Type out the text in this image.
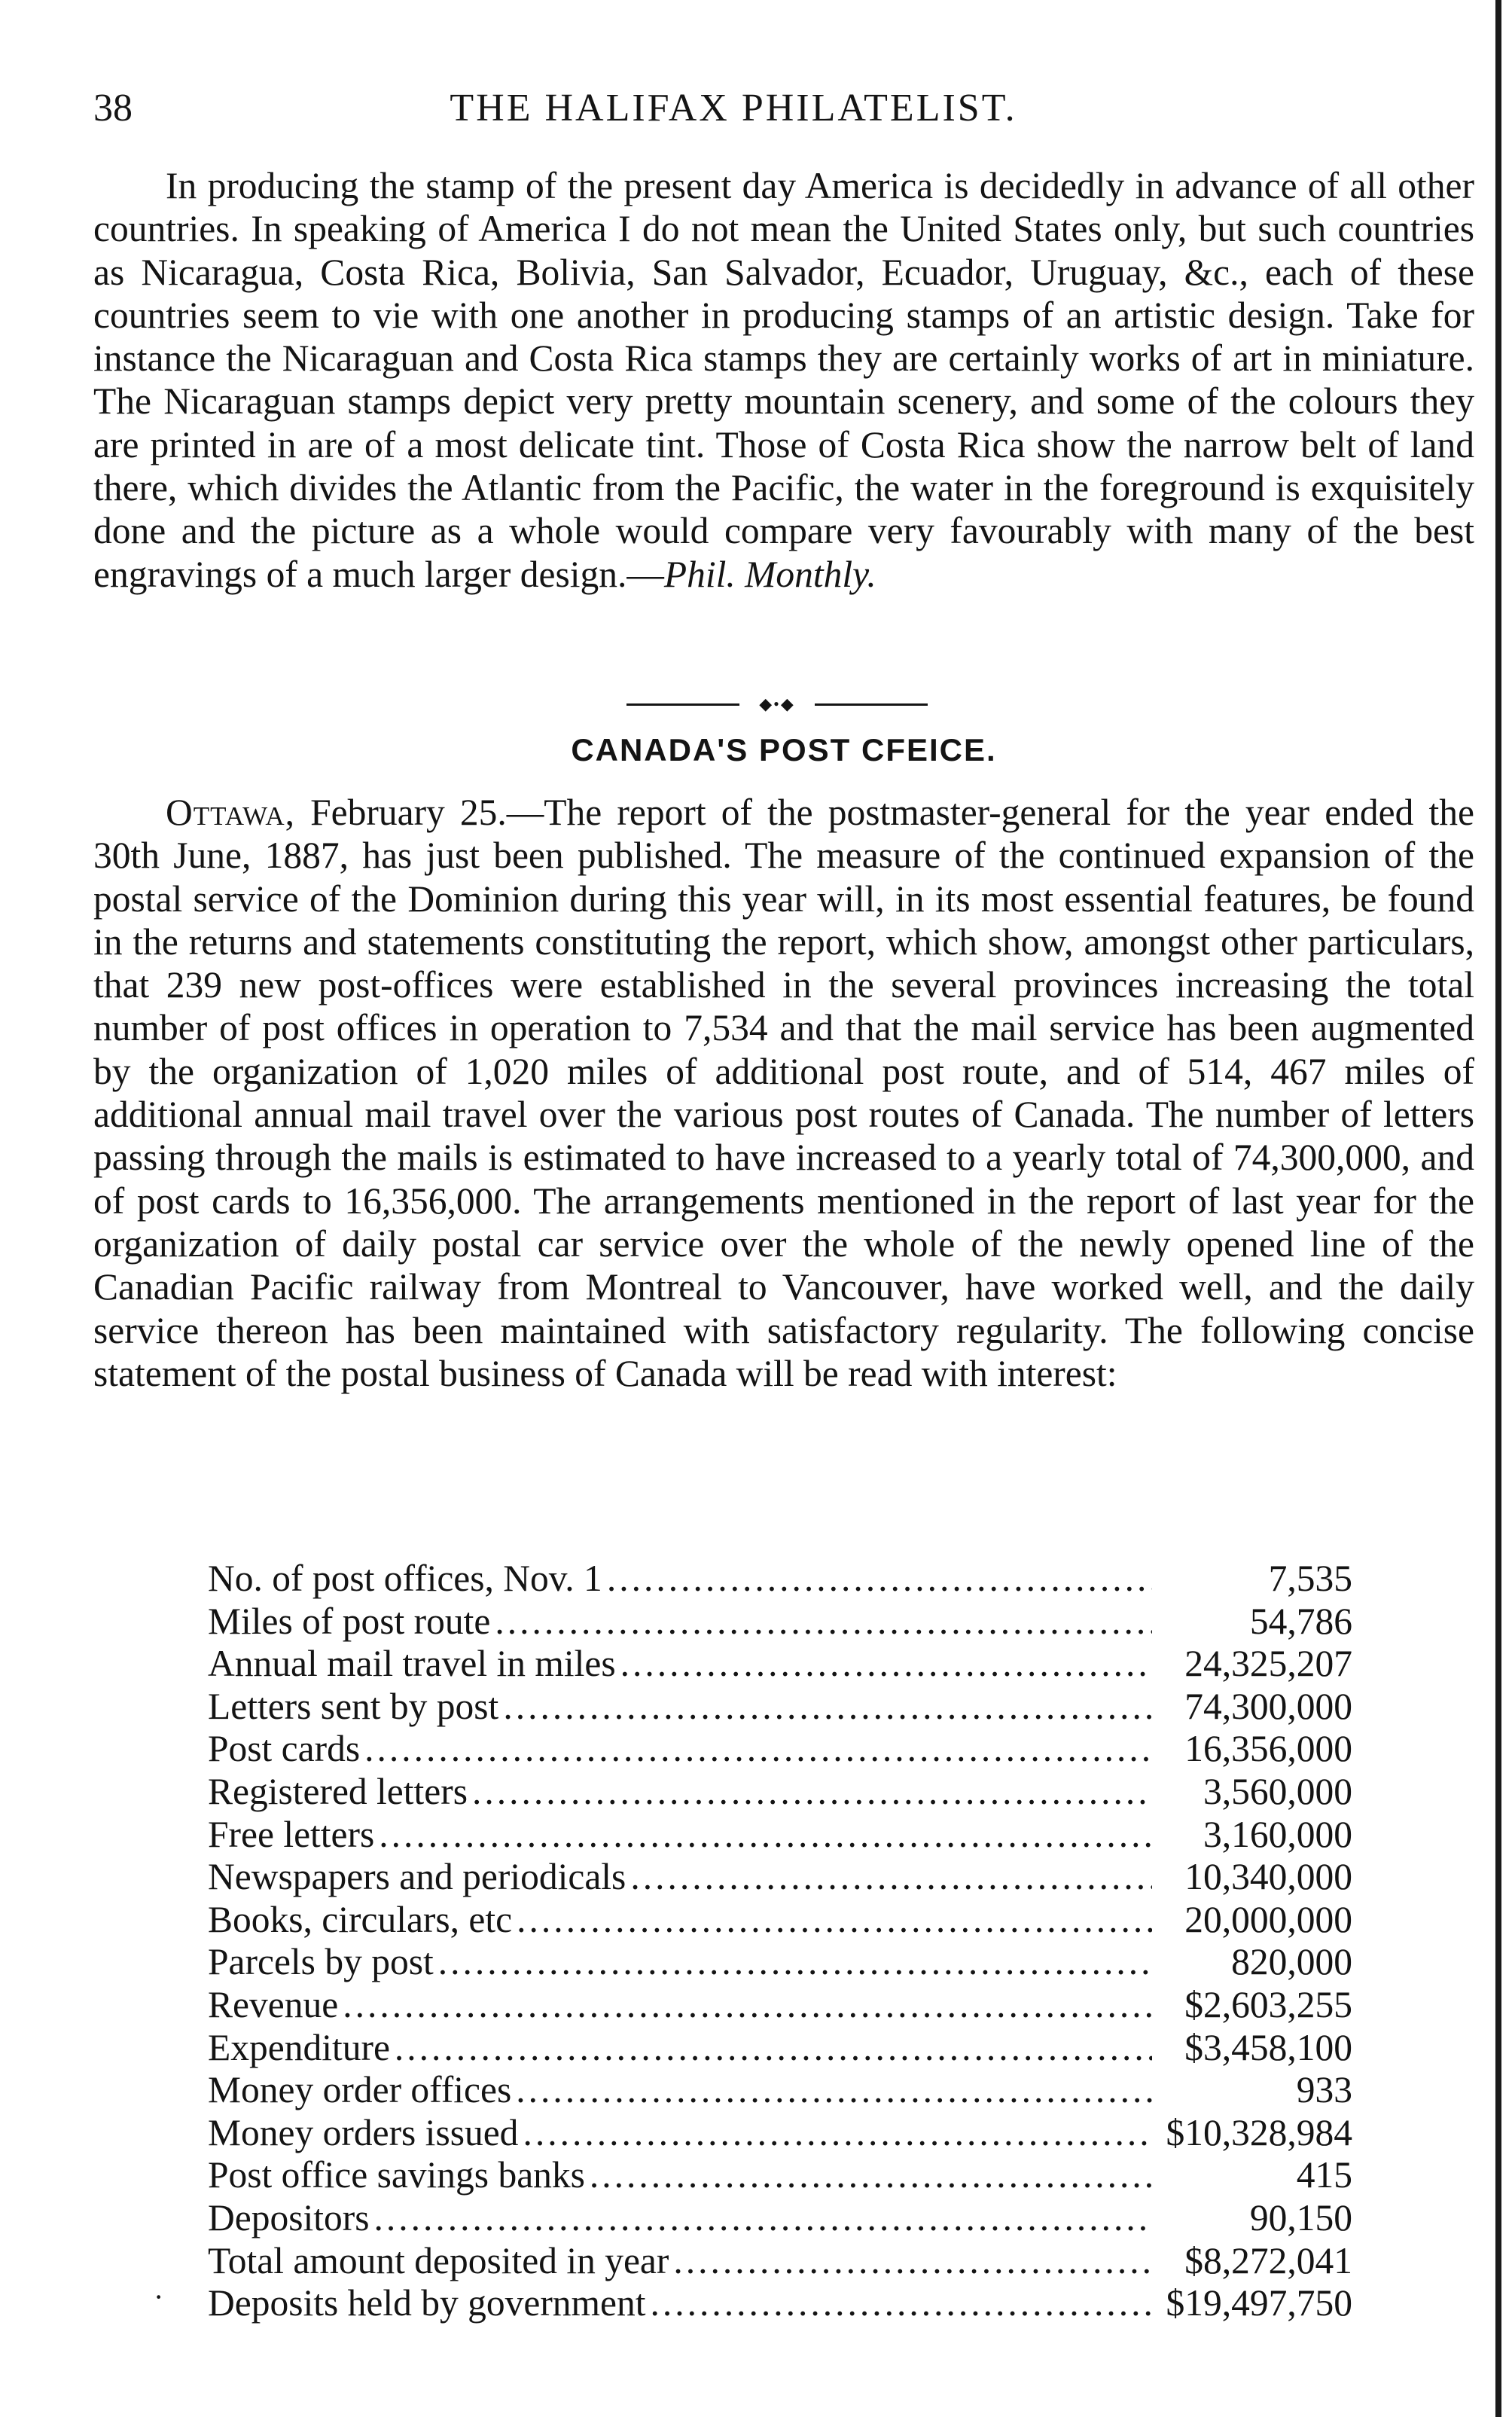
38	THE HALIFAX PHILATELIST.

In producing the stamp of the present day America is decidedly in advance of all other countries. In speaking of America I do not mean the United States only, but such countries as Nicaragua, Costa Rica, Bolivia, San Salvador, Ecuador, Uruguay, &c., each of these countries seem to vie with one another in producing stamps of an artistic design. Take for instance the Nicaraguan and Costa Rica stamps they are certainly works of art in miniature. The Nicaraguan stamps depict very pretty mountain scenery, and some of the colours they are printed in are of a most delicate tint. Those of Costa Rica show the narrow belt of land there, which divides the Atlantic from the Pacific, the water in the foreground is exquisitely done and the picture as a whole would compare very favourably with many of the best engravings of a much larger design.—Phil. Monthly.

◆•◆
CANADA'S POST CFEICE.

Ottawa, February 25.—The report of the postmaster-general for the year ended the 30th June, 1887, has just been published. The measure of the continued expansion of the postal service of the Dominion during this year will, in its most essential features, be found in the returns and statements constituting the report, which show, amongst other particulars, that 239 new post-offices were established in the several provinces increasing the total number of post offices in operation to 7,534 and that the mail service has been augmented by the organization of 1,020 miles of additional post route, and of 514, 467 miles of additional annual mail travel over the various post routes of Canada. The number of letters passing through the mails is estimated to have increased to a yearly total of 74,300,000, and of post cards to 16,356,000. The arrangements mentioned in the report of last year for the organization of daily postal car service over the whole of the newly opened line of the Canadian Pacific railway from Montreal to Vancouver, have worked well, and the daily service thereon has been maintained with satisfactory regularity. The following concise statement of the postal business of Canada will be read with interest:

No. of post offices, Nov. 1 .....	7,535
Miles of post route .....	54,786
Annual mail travel in miles .....	24,325,207
Letters sent by post .....	74,300,000
Post cards .....	16,356,000
Registered letters .....	3,560,000
Free letters .....	3,160,000
Newspapers and periodicals .....	10,340,000
Books, circulars, etc .....	20,000,000
Parcels by post .....	820,000
Revenue .....	$2,603,255
Expenditure .....	$3,458,100
Money order offices .....	933
Money orders issued .....	$10,328,984
Post office savings banks .....	415
Depositors .....	90,150
Total amount deposited in year .....	$8,272,041
Deposits held by government .....	$19,497,750
·
